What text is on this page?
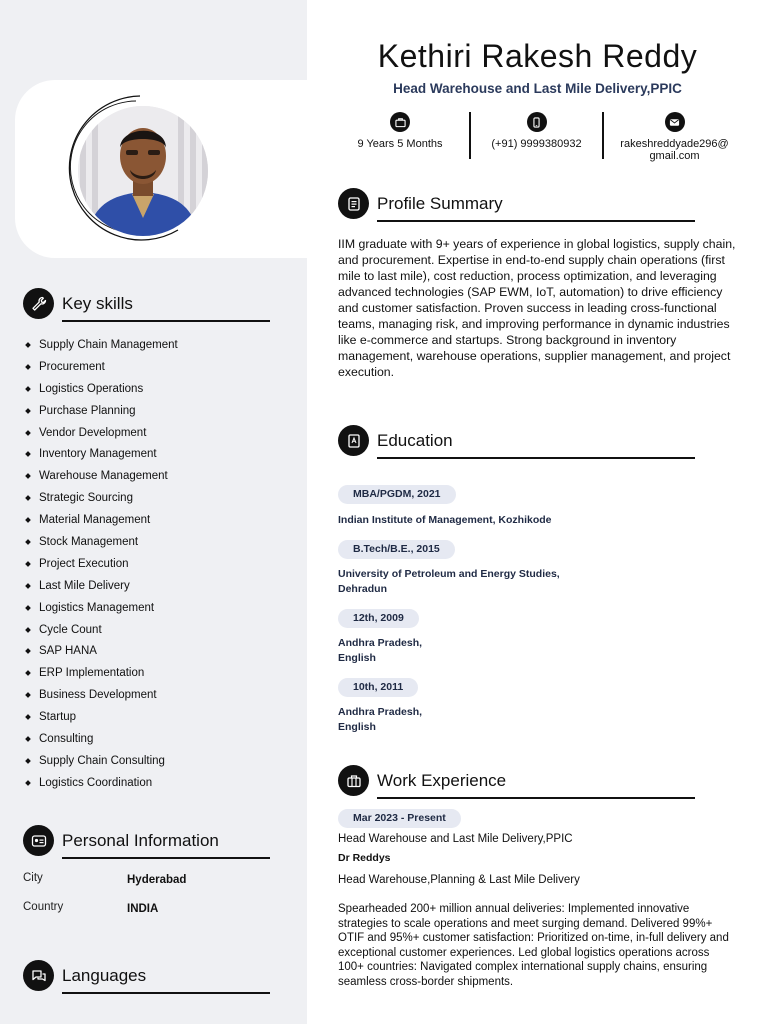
Key skills
Supply Chain Management
Procurement
Logistics Operations
Purchase Planning
Vendor Development
Inventory Management
Warehouse Management
Strategic Sourcing
Material Management
Stock Management
Project Execution
Last Mile Delivery
Logistics Management
Cycle Count
SAP HANA
ERP Implementation
Business Development
Startup
Consulting
Supply Chain Consulting
Logistics Coordination
Personal Information
City	Hyderabad
Country	INDIA
Languages
Kethiri Rakesh Reddy
Head Warehouse and Last Mile Delivery,PPIC
9 Years 5 Months	(+91) 9999380932	rakeshreddyade296@
gmail.com
Profile Summary
IIM graduate with 9+ years of experience in global logistics, supply chain, and procurement. Expertise in end-to-end supply chain operations (first mile to last mile), cost reduction, process optimization, and leveraging advanced technologies (SAP EWM, IoT, automation) to drive efficiency and customer satisfaction. Proven success in leading cross-functional teams, managing risk, and improving performance in dynamic industries like e-commerce and startups. Strong background in inventory management, warehouse operations, supplier management, and project execution.
Education
MBA/PGDM, 2021
Indian Institute of Management, Kozhikode
B.Tech/B.E., 2015
University of Petroleum and Energy Studies, Dehradun
12th, 2009
Andhra Pradesh,
English
10th, 2011
Andhra Pradesh,
English
Work Experience
Mar 2023 - Present
Head Warehouse and Last Mile Delivery,PPIC
Dr Reddys
Head Warehouse,Planning & Last Mile Delivery
Spearheaded 200+ million annual deliveries: Implemented innovative strategies to scale operations and meet surging demand. Delivered 99%+ OTIF and 95%+ customer satisfaction: Prioritized on-time, in-full delivery and exceptional customer experiences. Led global logistics operations across 100+ countries: Navigated complex international supply chains, ensuring seamless cross-border shipments.
